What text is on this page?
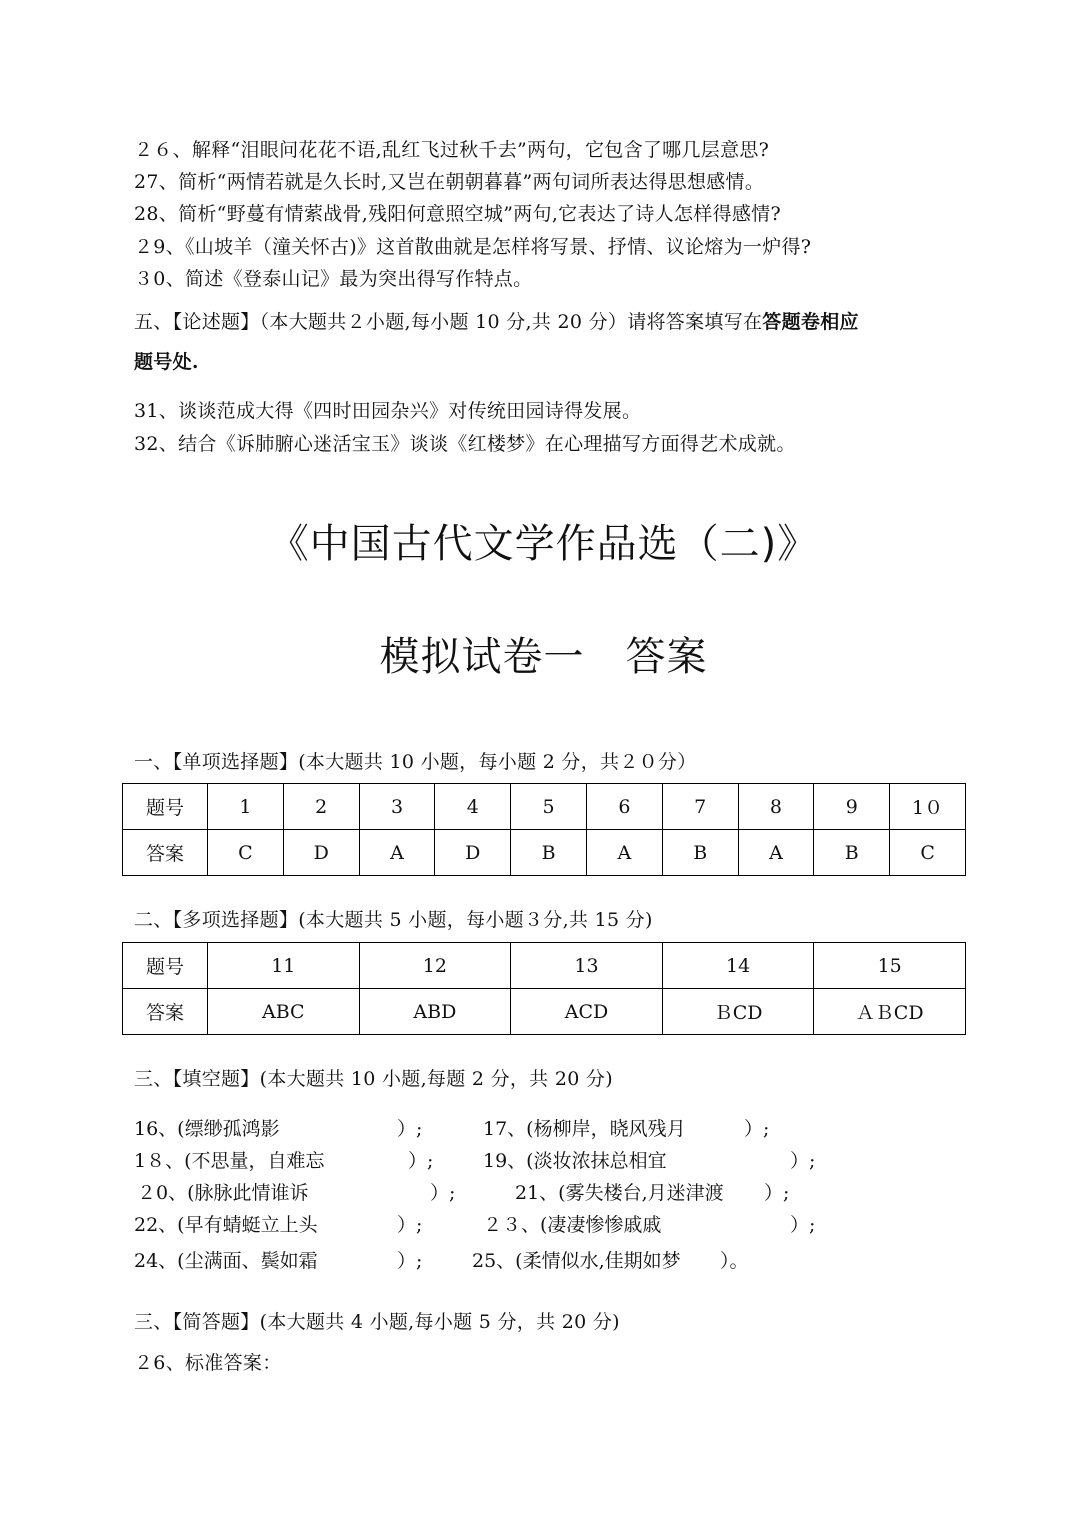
２６、解释“泪眼问花花不语,乱红飞过秋千去”两句，它包含了哪几层意思?
27、简析“两情若就是久长时,又岂在朝朝暮暮”两句词所表达得思想感情。
28、简析“野蔓有情萦战骨,残阳何意照空城”两句,它表达了诗人怎样得感情?
２9、《山坡羊（潼关怀古)》这首散曲就是怎样将写景、抒情、议论熔为一炉得?
３0、简述《登泰山记》最为突出得写作特点。
五、【论述题】（本大题共２小题,每小题 10 分,共 20 分）请将答案填写在答题卷相应
题号处.
31、谈谈范成大得《四时田园杂兴》对传统田园诗得发展。
32、结合《诉肺腑心迷活宝玉》谈谈《红楼梦》在心理描写方面得艺术成就。
《中国古代文学作品选（二)》
模拟试卷一　答案
一、【单项选择题】(本大题共 10 小题，每小题 2 分，共２０分）
题号	1	2	3	4	5	6	7	8	9	1０
答案	C	D	A	D	B	A	B	A	B	C
二、【多项选择题】(本大题共 5 小题，每小题３分,共 15 分)
题号	11	12	13	14	15
答案	ABC	ABD	ACD	ＢCD	ＡＢCD
三、【填空题】(本大题共 10 小题,每题 2 分，共 20 分)
16、(缥缈孤鸿影	）;	17、(杨柳岸，晓风残月	）;
1８、(不思量，自难忘	）;	19、(淡妆浓抹总相宜	）;
２0、(脉脉此情谁诉	）;	21、(雾失楼台,月迷津渡 ）;
22、(早有蜻蜓立上头	）;	２３、(凄凄惨惨戚戚	）;
24、(尘满面、鬓如霜	）;	25、(柔情似水,佳期如梦 ）。
三、【简答题】(本大题共 4 小题,每小题 5 分，共 20 分)
２6、标准答案：
